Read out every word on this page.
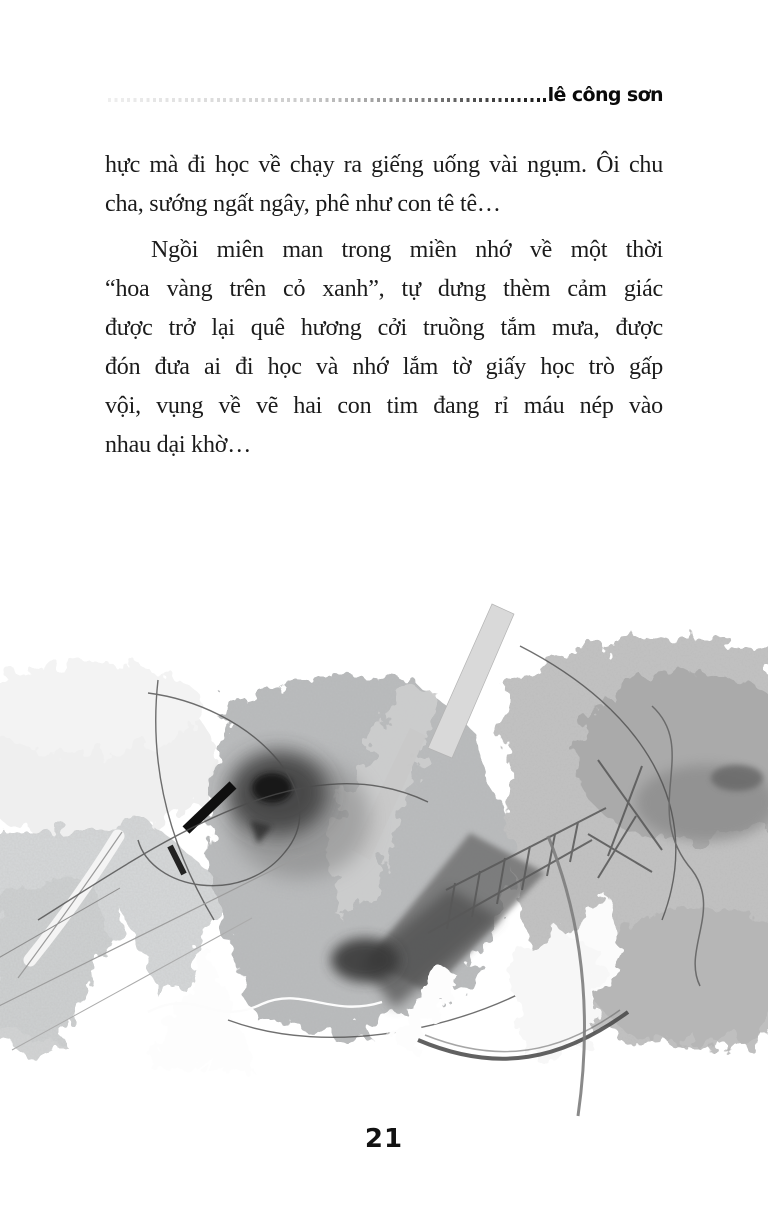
lê công sơn
hực mà đi học về chạy ra giếng uống vài ngụm. Ôi chu
cha, sướng ngất ngây, phê như con tê tê…
Ngồi miên man trong miền nhớ về một thời
“hoa vàng trên cỏ xanh”, tự dưng thèm cảm giác
được trở lại quê hương cởi truồng tắm mưa, được
đón đưa ai đi học và nhớ lắm tờ giấy học trò gấp
vội, vụng về vẽ hai con tim đang rỉ máu nép vào
nhau dại khờ…
21
